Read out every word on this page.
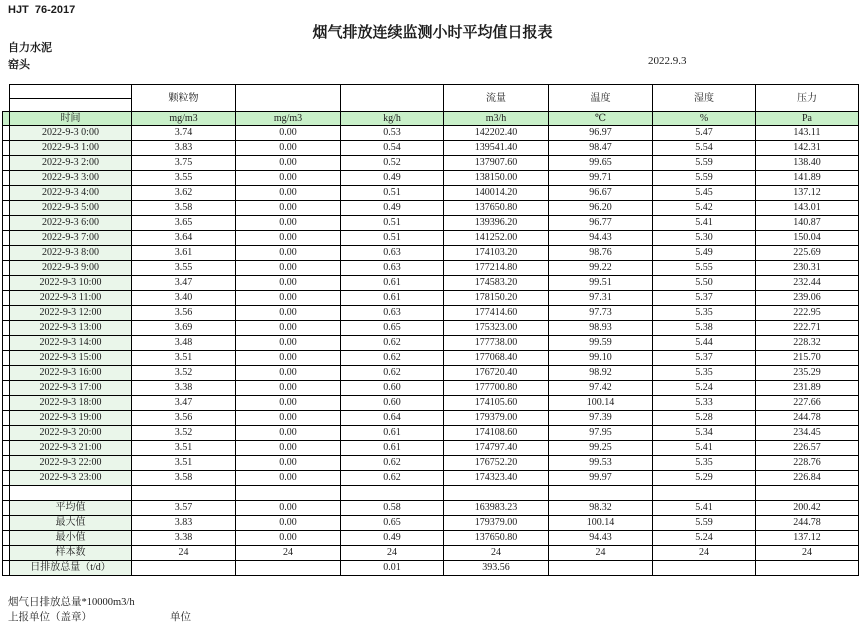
HJT  76-2017
烟气排放连续监测小时平均值日报表
自力水泥
窑头	2022.9.3
		颗粒物			流量	温度	湿度	压力

	时间	mg/m3	mg/m3	kg/h	m3/h	℃	%	Pa
	2022-9-3 0:00	3.74	0.00	0.53	142202.40	96.97	5.47	143.11
	2022-9-3 1:00	3.83	0.00	0.54	139541.40	98.47	5.54	142.31
	2022-9-3 2:00	3.75	0.00	0.52	137907.60	99.65	5.59	138.40
	2022-9-3 3:00	3.55	0.00	0.49	138150.00	99.71	5.59	141.89
	2022-9-3 4:00	3.62	0.00	0.51	140014.20	96.67	5.45	137.12
	2022-9-3 5:00	3.58	0.00	0.49	137650.80	96.20	5.42	143.01
	2022-9-3 6:00	3.65	0.00	0.51	139396.20	96.77	5.41	140.87
	2022-9-3 7:00	3.64	0.00	0.51	141252.00	94.43	5.30	150.04
	2022-9-3 8:00	3.61	0.00	0.63	174103.20	98.76	5.49	225.69
	2022-9-3 9:00	3.55	0.00	0.63	177214.80	99.22	5.55	230.31
	2022-9-3 10:00	3.47	0.00	0.61	174583.20	99.51	5.50	232.44
	2022-9-3 11:00	3.40	0.00	0.61	178150.20	97.31	5.37	239.06
	2022-9-3 12:00	3.56	0.00	0.63	177414.60	97.73	5.35	222.95
	2022-9-3 13:00	3.69	0.00	0.65	175323.00	98.93	5.38	222.71
	2022-9-3 14:00	3.48	0.00	0.62	177738.00	99.59	5.44	228.32
	2022-9-3 15:00	3.51	0.00	0.62	177068.40	99.10	5.37	215.70
	2022-9-3 16:00	3.52	0.00	0.62	176720.40	98.92	5.35	235.29
	2022-9-3 17:00	3.38	0.00	0.60	177700.80	97.42	5.24	231.89
	2022-9-3 18:00	3.47	0.00	0.60	174105.60	100.14	5.33	227.66
	2022-9-3 19:00	3.56	0.00	0.64	179379.00	97.39	5.28	244.78
	2022-9-3 20:00	3.52	0.00	0.61	174108.60	97.95	5.34	234.45
	2022-9-3 21:00	3.51	0.00	0.61	174797.40	99.25	5.41	226.57
	2022-9-3 22:00	3.51	0.00	0.62	176752.20	99.53	5.35	228.76
	2022-9-3 23:00	3.58	0.00	0.62	174323.40	99.97	5.29	226.84

	平均值	3.57	0.00	0.58	163983.23	98.32	5.41	200.42
	最大值	3.83	0.00	0.65	179379.00	100.14	5.59	244.78
	最小值	3.38	0.00	0.49	137650.80	94.43	5.24	137.12
	样本数	24	24	24	24	24	24	24
	日排放总量（t/d）			0.01	393.56			
烟气日排放总量*10000m3/h
上报单位（盖章）	单位
